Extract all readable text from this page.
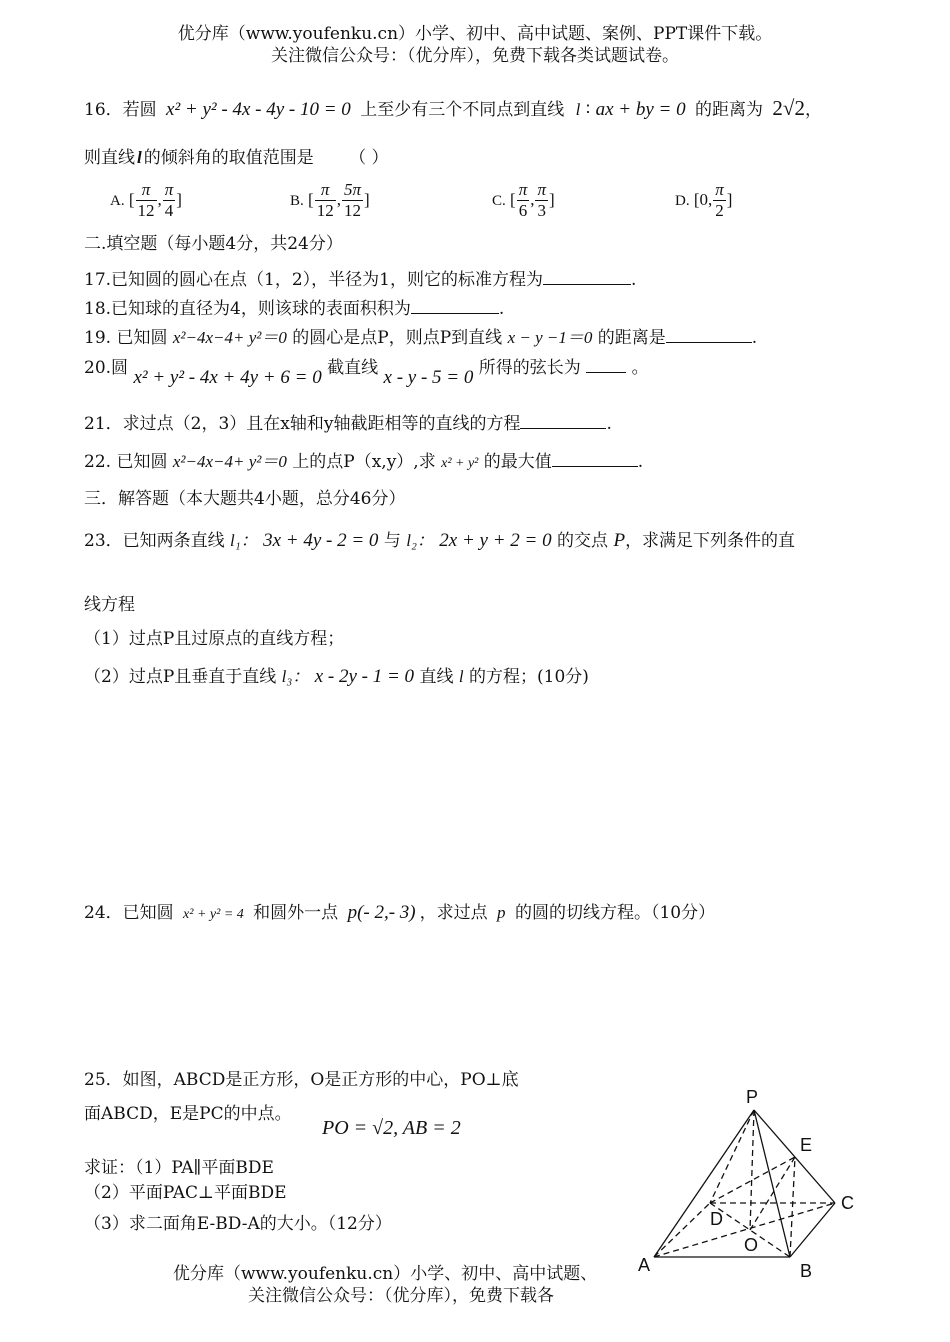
优分库（www.youfenku.cn）小学、初中、高中试题、案例、PPT课件下载。
关注微信公众号：（优分库），免费下载各类试题试卷。
16．若圆 x² + y² - 4x - 4y - 10 = 0 上至少有三个不同点到直线 l ∶ ax + by = 0 的距离为 2√2，
则直线 l 的倾斜角的取值范围是 （ ）
A. [ $\frac{\pi}{12}$ , $\frac{\pi}{4}$ ]	B. [ $\frac{\pi}{12}$ , $\frac{5\pi}{12}$ ]	C. [ $\frac{\pi}{6}$ , $\frac{\pi}{3}$ ]	D. [0, $\frac{\pi}{2}$ ]
二.填空题（每小题4分，共24分）
17.已知圆的圆心在点（1，2），半径为1，则它的标准方程为	.
18.已知球的直径为4，则该球的表面积积为	.
19. 已知圆 x²−4x−4+ y²＝0 的圆心是点P，则点P到直线 x − y −1＝0 的距离是	.
20.圆 x² + y² - 4x + 4y + 6 = 0 截直线 x - y - 5 = 0 所得的弦长为	。
21．求过点（2，3）且在x轴和y轴截距相等的直线的方程	.
22. 已知圆 x²−4x−4+ y²＝0 上的点P（x,y）,求 x² + y² 的最大值	.
三．解答题（本大题共4小题，总分46分）
23．已知两条直线 l₁： 3x + 4y - 2 = 0 与 l₂： 2x + y + 2 = 0 的交点 P，求满足下列条件的直
线方程
（1）过点P且过原点的直线方程；
（2）过点P且垂直于直线 l₃： x - 2y - 1 = 0 直线 l 的方程；(10分)
24．已知圆 x² + y² = 4 和圆外一点 p(- 2,- 3) ，求过点 p 的圆的切线方程。（10分）
25．如图，ABCD是正方形，O是正方形的中心，PO⊥底
面ABCD，E是PC的中点。
PO = √2, AB = 2
求证：（1）PA∥平面BDE
（2）平面PAC⊥平面BDE
（3）求二面角E-BD-A的大小。（12分）
P
E
C
D
O
A	B
优分库（www.youfenku.cn）小学、初中、高中试题、
关注微信公众号：（优分库），免费下载各
